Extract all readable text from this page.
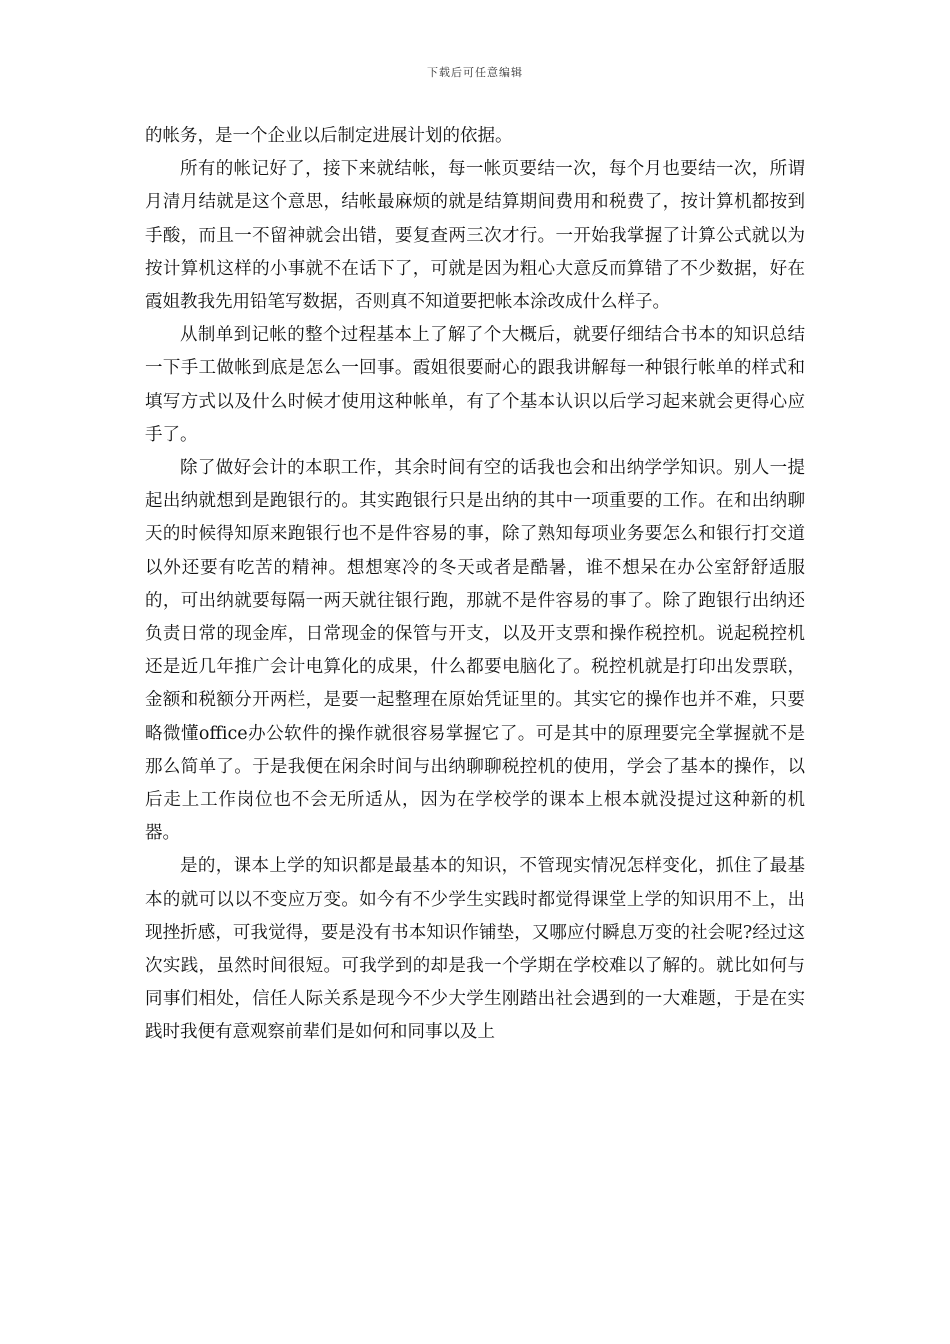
下载后可任意编辑

的帐务，是一个企业以后制定进展计划的依据。

所有的帐记好了，接下来就结帐，每一帐页要结一次，每个月也要结一次，所谓月清月结就是这个意思，结帐最麻烦的就是结算期间费用和税费了，按计算机都按到手酸，而且一不留神就会出错，要复查两三次才行。一开始我掌握了计算公式就以为按计算机这样的小事就不在话下了，可就是因为粗心大意反而算错了不少数据，好在霞姐教我先用铅笔写数据，否则真不知道要把帐本涂改成什么样子。

从制单到记帐的整个过程基本上了解了个大概后，就要仔细结合书本的知识总结一下手工做帐到底是怎么一回事。霞姐很要耐心的跟我讲解每一种银行帐单的样式和填写方式以及什么时候才使用这种帐单，有了个基本认识以后学习起来就会更得心应手了。

除了做好会计的本职工作，其余时间有空的话我也会和出纳学学知识。别人一提起出纳就想到是跑银行的。其实跑银行只是出纳的其中一项重要的工作。在和出纳聊天的时候得知原来跑银行也不是件容易的事，除了熟知每项业务要怎么和银行打交道以外还要有吃苦的精神。想想寒冷的冬天或者是酷暑，谁不想呆在办公室舒舒适服的，可出纳就要每隔一两天就往银行跑，那就不是件容易的事了。除了跑银行出纳还负责日常的现金库，日常现金的保管与开支，以及开支票和操作税控机。说起税控机还是近几年推广会计电算化的成果，什么都要电脑化了。税控机就是打印出发票联，金额和税额分开两栏，是要一起整理在原始凭证里的。其实它的操作也并不难，只要略微懂office办公软件的操作就很容易掌握它了。可是其中的原理要完全掌握就不是那么简单了。于是我便在闲余时间与出纳聊聊税控机的使用，学会了基本的操作，以后走上工作岗位也不会无所适从，因为在学校学的课本上根本就没提过这种新的机器。

是的，课本上学的知识都是最基本的知识，不管现实情况怎样变化，抓住了最基本的就可以以不变应万变。如今有不少学生实践时都觉得课堂上学的知识用不上，出现挫折感，可我觉得，要是没有书本知识作铺垫，又哪应付瞬息万变的社会呢?经过这次实践，虽然时间很短。可我学到的却是我一个学期在学校难以了解的。就比如何与同事们相处，信任人际关系是现今不少大学生刚踏出社会遇到的一大难题，于是在实践时我便有意观察前辈们是如何和同事以及上
